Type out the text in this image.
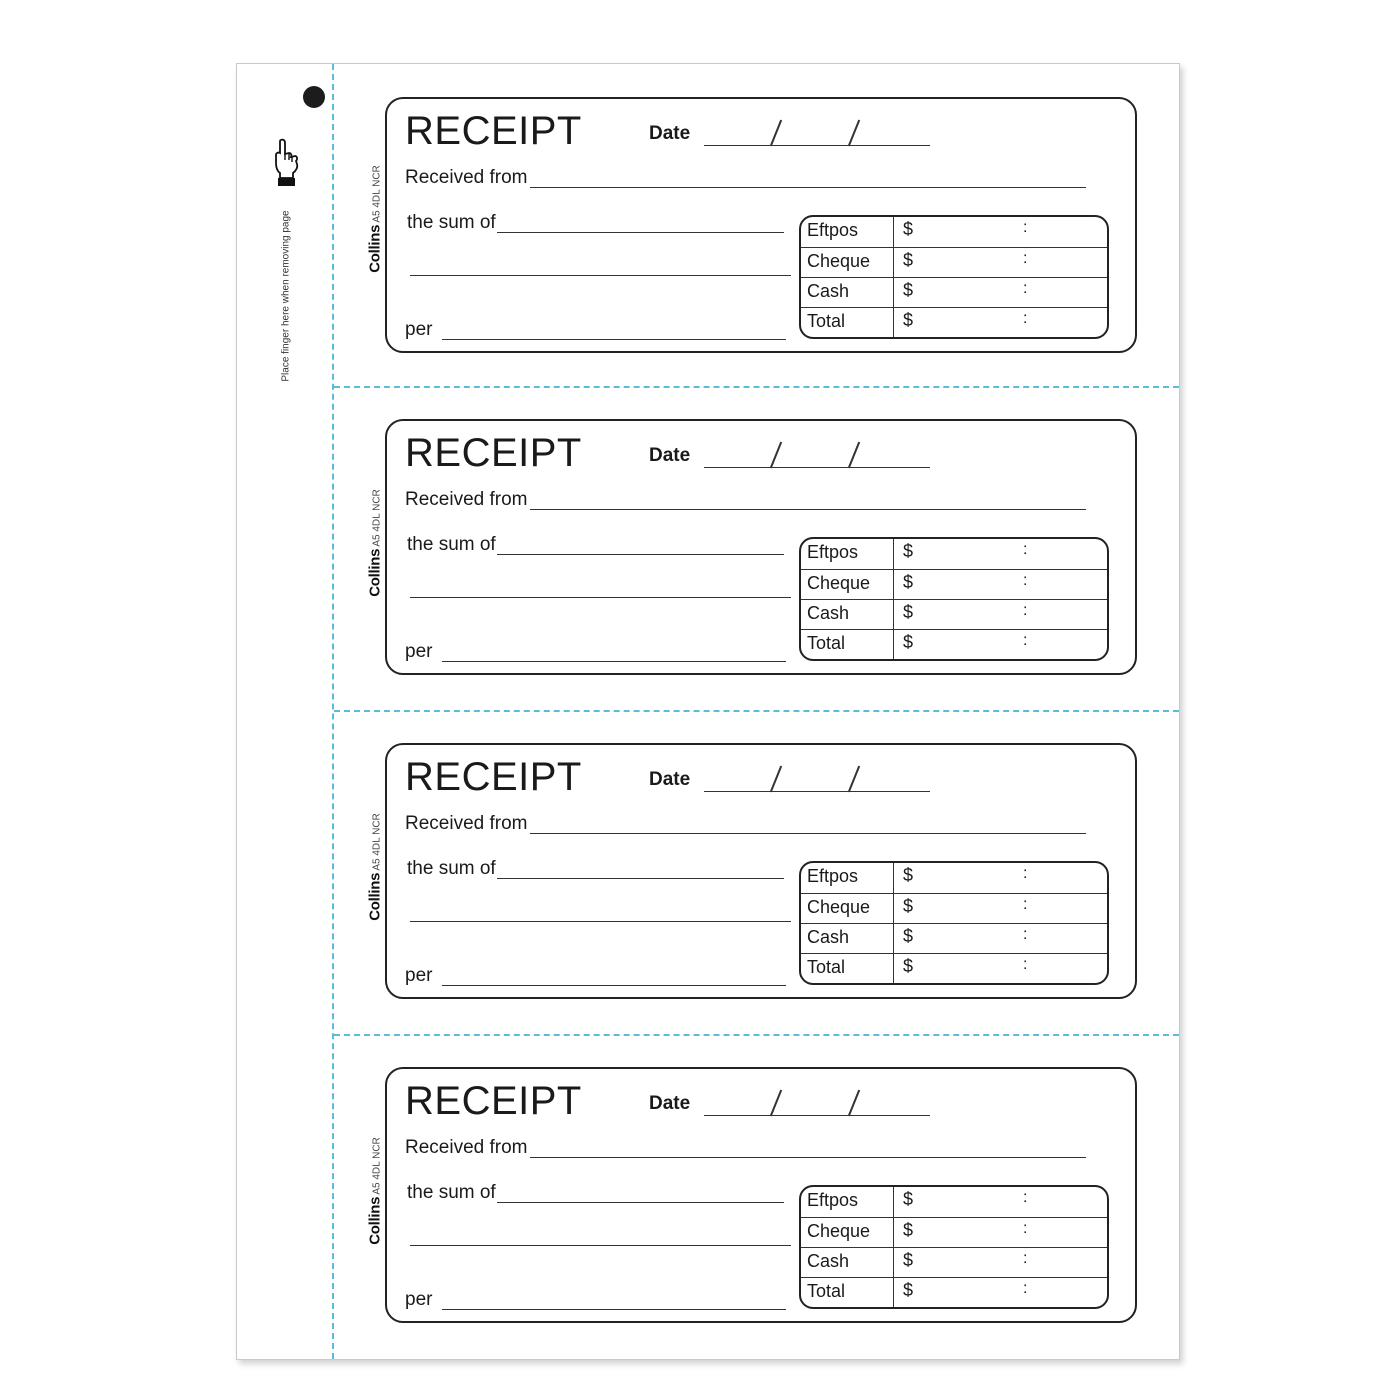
Place finger here when removing page	Collins A5 4DL NCR
Collins A5 4DL NCR
Collins A5 4DL NCR
Collins A5 4DL NCR
RECEIPT	Date
Received from
the sum of
per
Eftpos $	:
Cheque $	:
Cash	$	:
Total	$	:
RECEIPT	Date
Received from
the sum of
per
Eftpos $	:
Cheque $	:
Cash	$	:
Total	$	:
RECEIPT	Date
Received from
the sum of
per
Eftpos $	:
Cheque $	:
Cash	$	:
Total	$	:
RECEIPT	Date
Received from
the sum of
per
Eftpos $	:
Cheque $	:
Cash	$	:
Total	$	:
